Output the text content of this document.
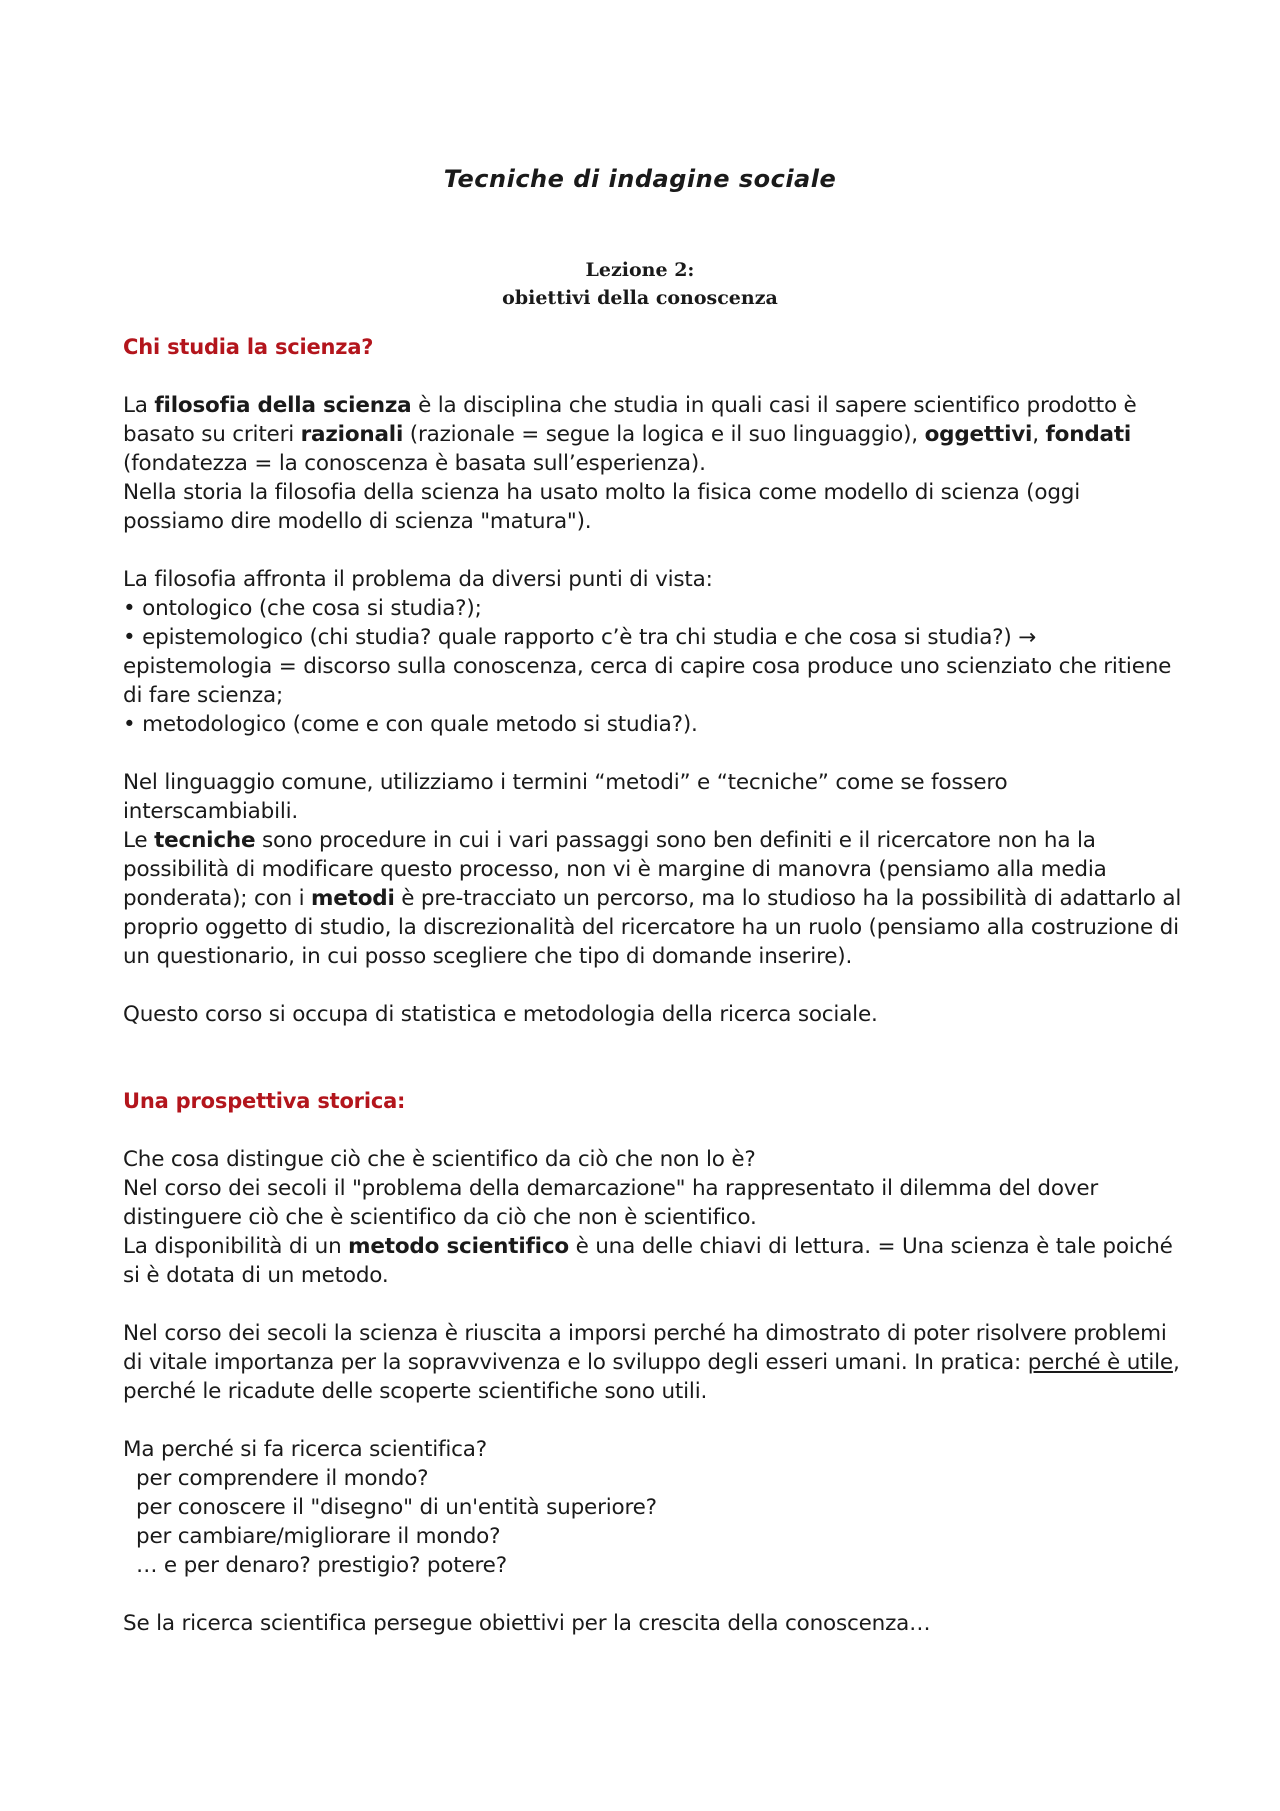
Tecniche di indagine sociale
Lezione 2:
obiettivi della conoscenza

Chi studia la scienza?

La filosofia della scienza è la disciplina che studia in quali casi il sapere scientifico prodotto è basato su criteri razionali (razionale = segue la logica e il suo linguaggio), oggettivi, fondati (fondatezza = la conoscenza è basata sull’esperienza).

Nella storia la filosofia della scienza ha usato molto la fisica come modello di scienza (oggi possiamo dire modello di scienza "matura").

La filosofia affronta il problema da diversi punti di vista:

• ontologico (che cosa si studia?);

• epistemologico (chi studia? quale rapporto c’è tra chi studia e che cosa si studia?) → epistemologia = discorso sulla conoscenza, cerca di capire cosa produce uno scienziato che ritiene di fare scienza;

• metodologico (come e con quale metodo si studia?).

Nel linguaggio comune, utilizziamo i termini “metodi” e “tecniche” come se fossero interscambiabili.

Le tecniche sono procedure in cui i vari passaggi sono ben definiti e il ricercatore non ha la possibilità di modificare questo processo, non vi è margine di manovra (pensiamo alla media ponderata); con i metodi è pre-tracciato un percorso, ma lo studioso ha la possibilità di adattarlo al proprio oggetto di studio, la discrezionalità del ricercatore ha un ruolo (pensiamo alla costruzione di un questionario, in cui posso scegliere che tipo di domande inserire).

Questo corso si occupa di statistica e metodologia della ricerca sociale.

Una prospettiva storica:

Che cosa distingue ciò che è scientifico da ciò che non lo è?

Nel corso dei secoli il "problema della demarcazione" ha rappresentato il dilemma del dover distinguere ciò che è scientifico da ciò che non è scientifico.

La disponibilità di un metodo scientifico è una delle chiavi di lettura. = Una scienza è tale poiché si è dotata di un metodo.

Nel corso dei secoli la scienza è riuscita a imporsi perché ha dimostrato di poter risolvere problemi di vitale importanza per la sopravvivenza e lo sviluppo degli esseri umani. In pratica: perché è utile, perché le ricadute delle scoperte scientifiche sono utili.

Ma perché si fa ricerca scientifica?

per comprendere il mondo?

per conoscere il "disegno" di un'entità superiore?

per cambiare/migliorare il mondo?

… e per denaro? prestigio? potere?

Se la ricerca scientifica persegue obiettivi per la crescita della conoscenza…
